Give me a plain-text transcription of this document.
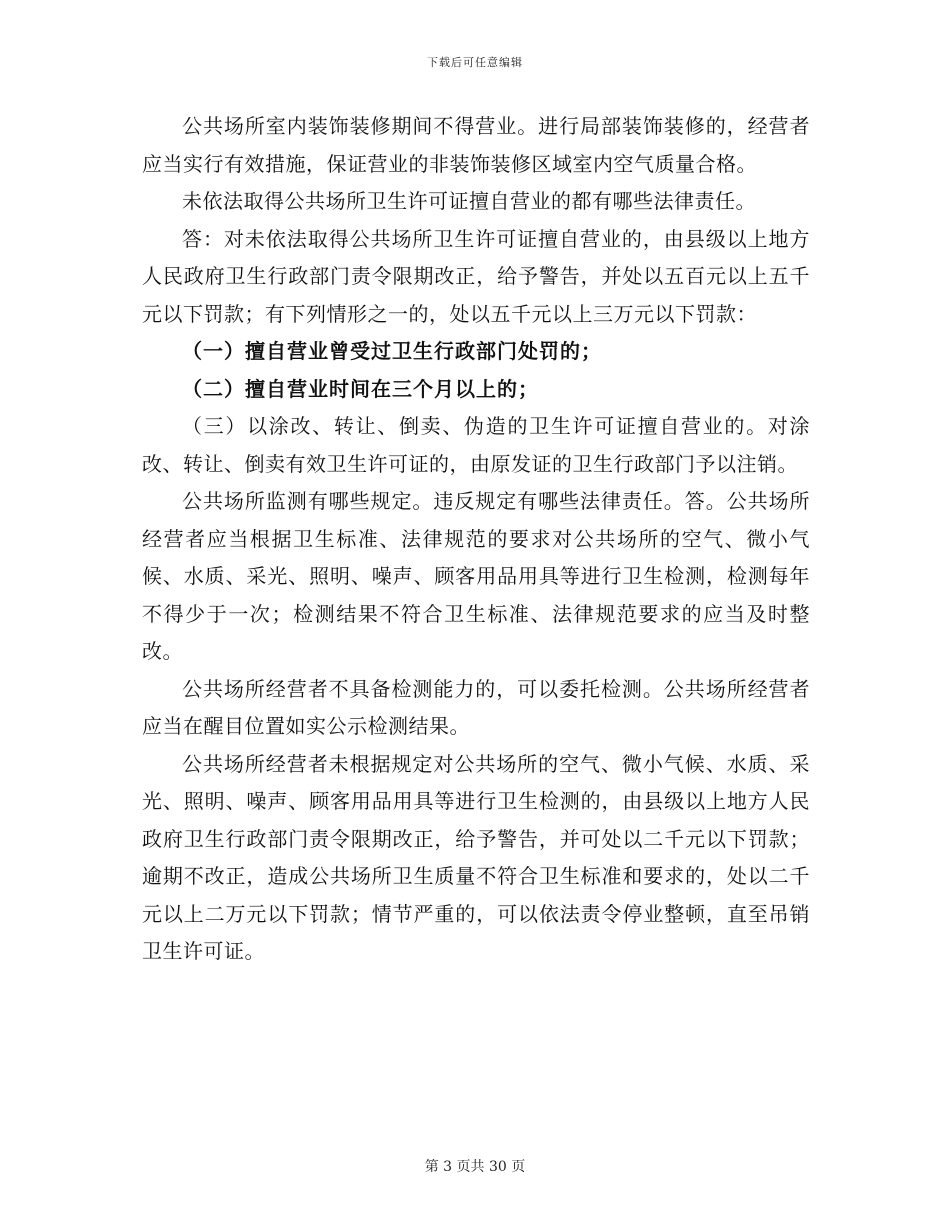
下载后可任意编辑

公共场所室内装饰装修期间不得营业。进行局部装饰装修的，经营者应当实行有效措施，保证营业的非装饰装修区域室内空气质量合格。

未依法取得公共场所卫生许可证擅自营业的都有哪些法律责任。

答：对未依法取得公共场所卫生许可证擅自营业的，由县级以上地方人民政府卫生行政部门责令限期改正，给予警告，并处以五百元以上五千元以下罚款；有下列情形之一的，处以五千元以上三万元以下罚款：

（一）擅自营业曾受过卫生行政部门处罚的；

（二）擅自营业时间在三个月以上的；

（三）以涂改、转让、倒卖、伪造的卫生许可证擅自营业的。对涂改、转让、倒卖有效卫生许可证的，由原发证的卫生行政部门予以注销。

公共场所监测有哪些规定。违反规定有哪些法律责任。答。公共场所经营者应当根据卫生标准、法律规范的要求对公共场所的空气、微小气候、水质、采光、照明、噪声、顾客用品用具等进行卫生检测，检测每年不得少于一次；检测结果不符合卫生标准、法律规范要求的应当及时整改。

公共场所经营者不具备检测能力的，可以委托检测。公共场所经营者应当在醒目位置如实公示检测结果。

公共场所经营者未根据规定对公共场所的空气、微小气候、水质、采光、照明、噪声、顾客用品用具等进行卫生检测的，由县级以上地方人民政府卫生行政部门责令限期改正，给予警告，并可处以二千元以下罚款；逾期不改正，造成公共场所卫生质量不符合卫生标准和要求的，处以二千元以上二万元以下罚款；情节严重的，可以依法责令停业整顿，直至吊销卫生许可证。

第 3 页共 30 页
